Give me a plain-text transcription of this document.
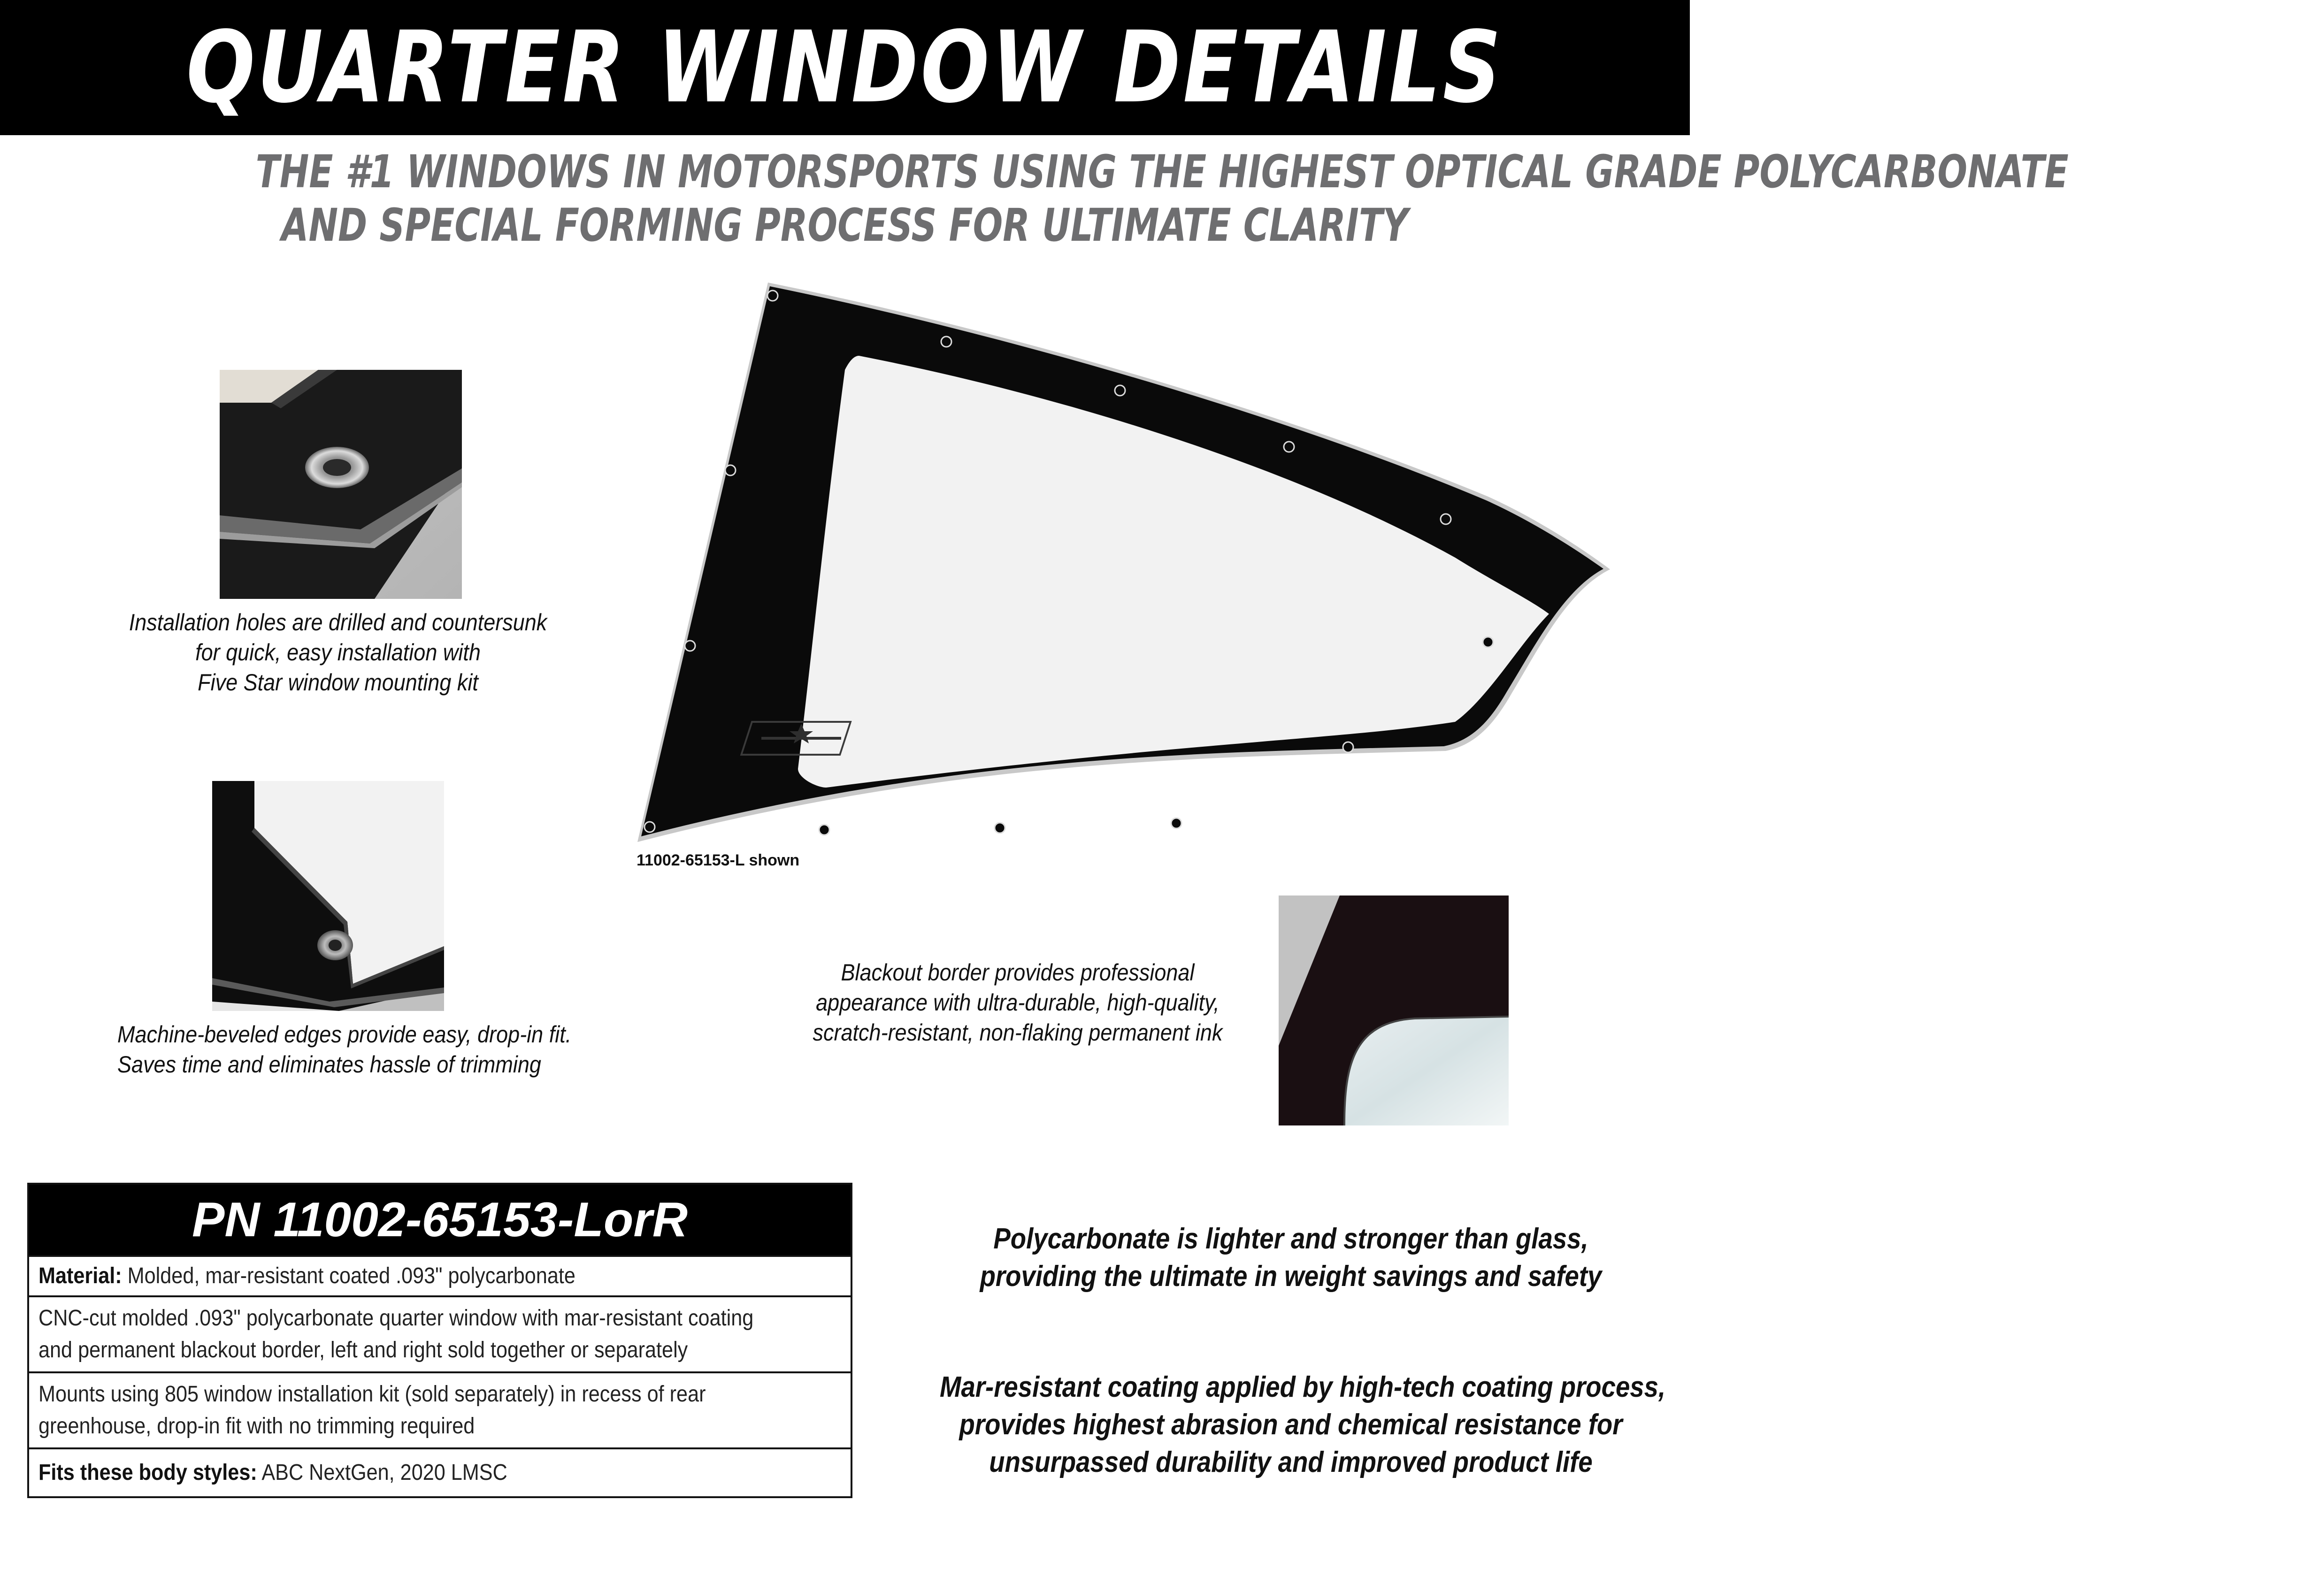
QUARTER WINDOW DETAILS
THE #1 WINDOWS IN MOTORSPORTS USING THE HIGHEST OPTICAL GRADE POLYCARBONATE
AND SPECIAL FORMING PROCESS FOR ULTIMATE CLARITY
Installation holes are drilled and countersunk
for quick, easy installation with
Five Star window mounting kit
Machine-beveled edges provide easy, drop-in fit.
Saves time and eliminates hassle of trimming
11002-65153-L shown
Blackout border provides professional
appearance with ultra-durable, high-quality,
scratch-resistant, non-flaking permanent ink
PN 11002-65153-LorR
Material: Molded, mar-resistant coated .093" polycarbonate
CNC-cut molded .093" polycarbonate quarter window with mar-resistant coating
and permanent blackout border, left and right sold together or separately
Mounts using 805 window installation kit (sold separately) in recess of rear
greenhouse, drop-in fit with no trimming required
Fits these body styles: ABC NextGen, 2020 LMSC
Polycarbonate is lighter and stronger than glass,
providing the ultimate in weight savings and safety
Mar-resistant coating applied by high-tech coating process,
provides highest abrasion and chemical resistance for
unsurpassed durability and improved product life
